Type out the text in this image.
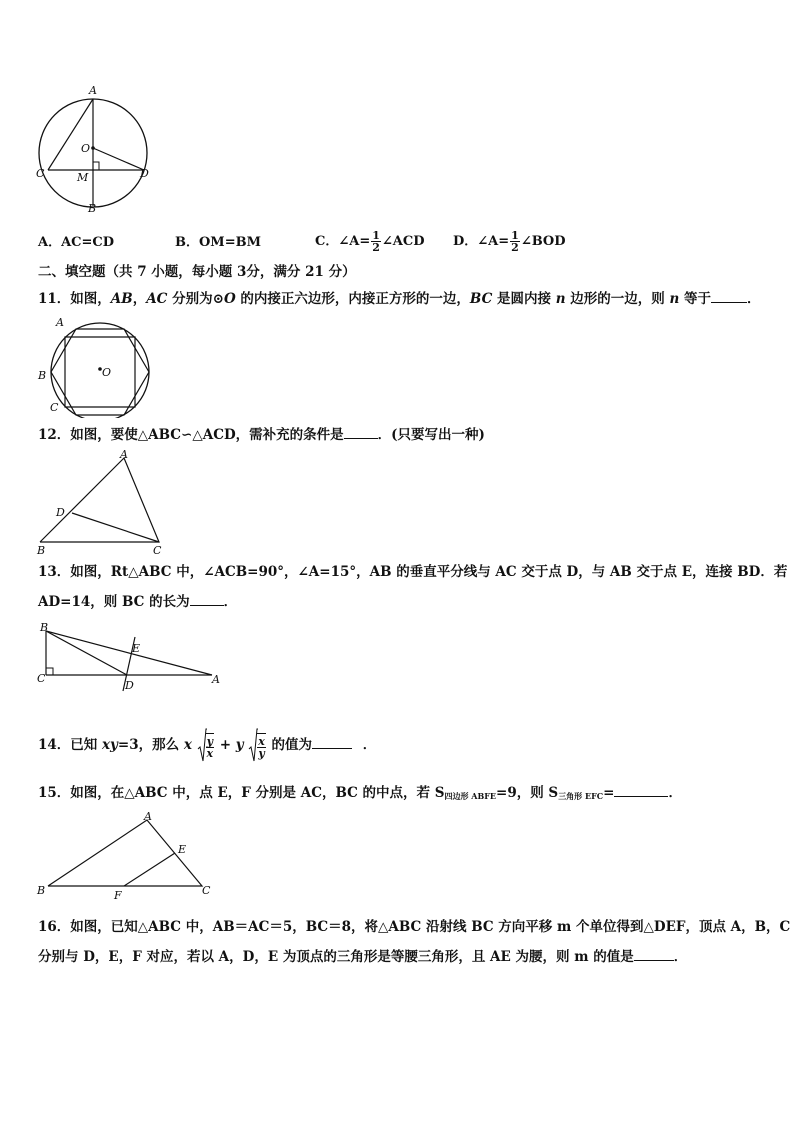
A
O
C	M	D
B
A．AC=CD	B．OM=BM	C．∠A= $\frac{1}{2}$ ∠ACD D．∠A= $\frac{1}{2}$ ∠BOD
二、填空题（共 7 小题，每小题 3分，满分 21 分）
11．如图，AB，AC 分别为⊙O 的内接正六边形，内接正方形的一边，BC 是圆内接 n 边形的一边，则 n 等于	．
A
B
C
O
12．如图，要使△ABC∽△ACD，需补充的条件是	．(只要写出一种)
A
D
B	C
13．如图，Rt△ABC 中，∠ACB=90°，∠A=15°，AB 的垂直平分线与 AC 交于点 D，与 AB 交于点 E，连接 BD．若
AD=14，则 BC 的长为	．
B
E
C
D	A
14．已知 xy=3，那么 x $\frac{y}{x} + y \frac{x}{y}$ 的值为	．
15．如图，在△ABC 中，点 E，F 分别是 AC，BC 的中点，若 $S_{四边形 ABFE}=9$，则 $S_{三角形 EFC}=$	．
A
E
B	F	C
16．如图，已知△ABC 中，AB＝AC＝5，BC＝8，将△ABC 沿射线 BC 方向平移 m 个单位得到△DEF，顶点 A，B，C
分别与 D，E，F 对应，若以 A，D，E 为顶点的三角形是等腰三角形，且 AE 为腰，则 m 的值是	．
